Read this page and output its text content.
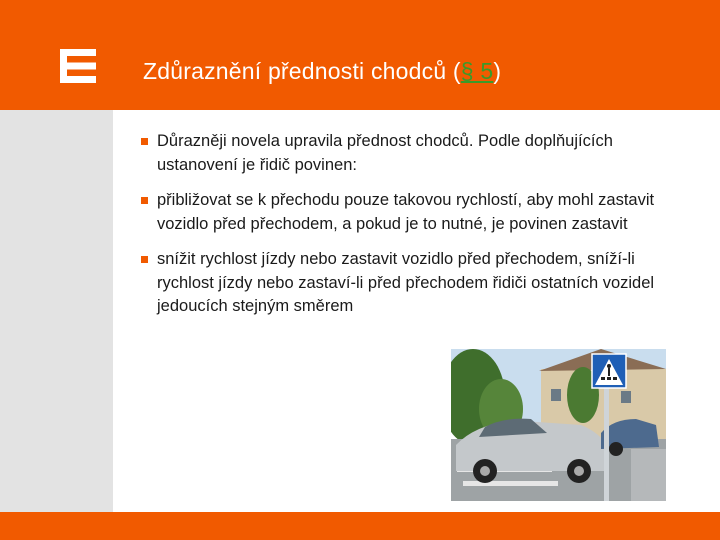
Zdůraznění přednosti chodců (§ 5)
Důrazněji novela upravila přednost chodců. Podle doplňujících ustanovení je řidič povinen:
přibližovat se k přechodu pouze takovou rychlostí, aby mohl zastavit vozidlo před přechodem, a pokud je to nutné, je povinen zastavit
snížit rychlost jízdy nebo zastavit vozidlo před přechodem, sníží-li rychlost jízdy nebo zastaví-li před přechodem řidiči ostatních vozidel jedoucích stejným směrem
